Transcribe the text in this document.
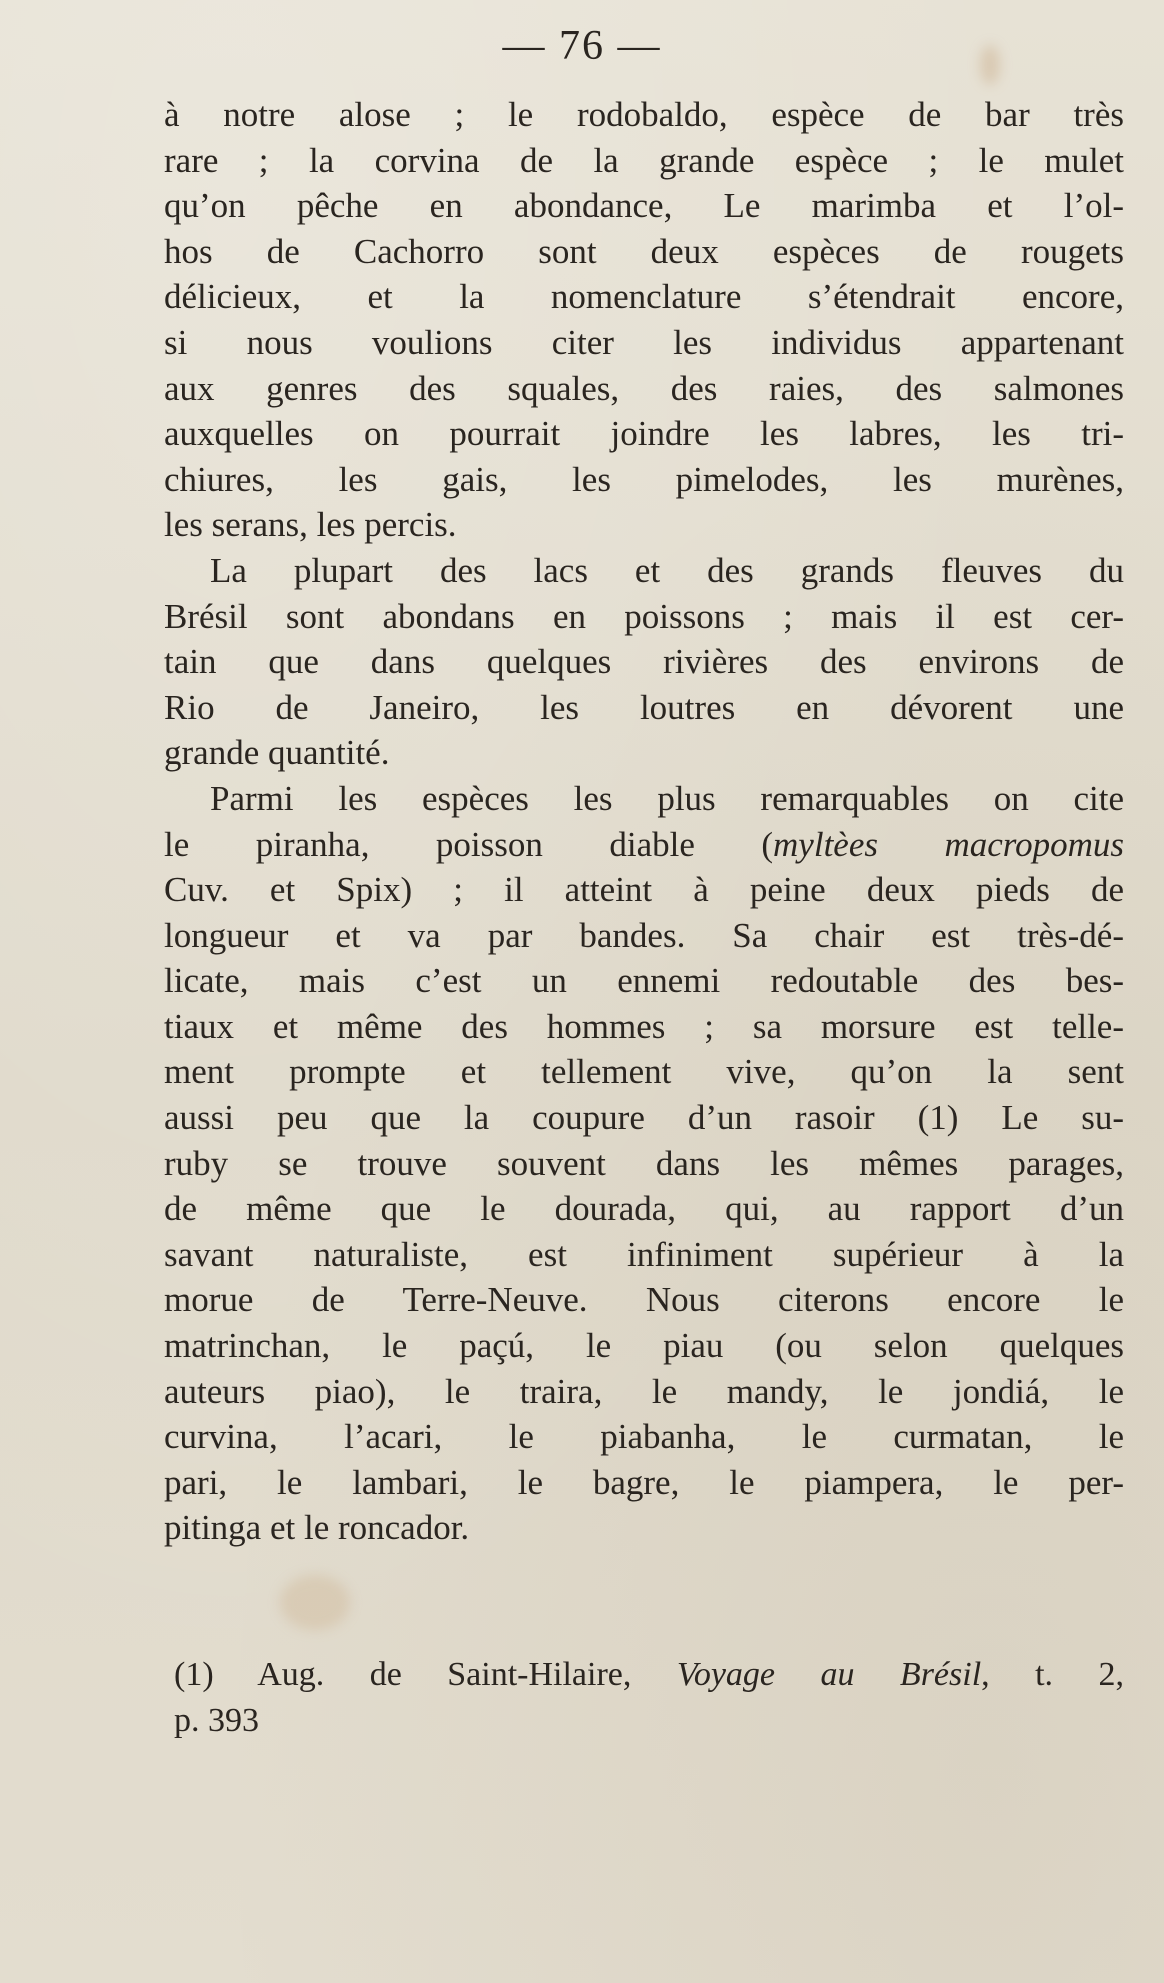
— 76 —
à notre alose ; le rodobaldo, espèce de bar très
rare ; la corvina de la grande espèce ; le mulet
qu’on pêche en abondance, Le marimba et l’ol-
hos de Cachorro sont deux espèces de rougets
délicieux, et la nomenclature s’étendrait encore,
si nous voulions citer les individus appartenant
aux genres des squales, des raies, des salmones
auxquelles on pourrait joindre les labres, les tri-
chiures, les gais, les pimelodes, les murènes,
les serans, les percis.
La plupart des lacs et des grands fleuves du
Brésil sont abondans en poissons ; mais il est cer-
tain que dans quelques rivières des environs de
Rio de Janeiro, les loutres en dévorent une
grande quantité.
Parmi les espèces les plus remarquables on cite
le piranha, poisson diable (myltèes macropomus
Cuv. et Spix) ; il atteint à peine deux pieds de
longueur et va par bandes. Sa chair est très-dé-
licate, mais c’est un ennemi redoutable des bes-
tiaux et même des hommes ; sa morsure est telle-
ment prompte et tellement vive, qu’on la sent
aussi peu que la coupure d’un rasoir (1) Le su-
ruby se trouve souvent dans les mêmes parages,
de même que le dourada, qui, au rapport d’un
savant naturaliste, est infiniment supérieur à la
morue de Terre-Neuve. Nous citerons encore le
matrinchan, le paçú, le piau (ou selon quelques
auteurs piao), le traira, le mandy, le jondiá, le
curvina, l’acari, le piabanha, le curmatan, le
pari, le lambari, le bagre, le piampera, le per-
pitinga et le roncador.
(1) Aug. de Saint-Hilaire, Voyage au Brésil, t. 2,
p. 393
